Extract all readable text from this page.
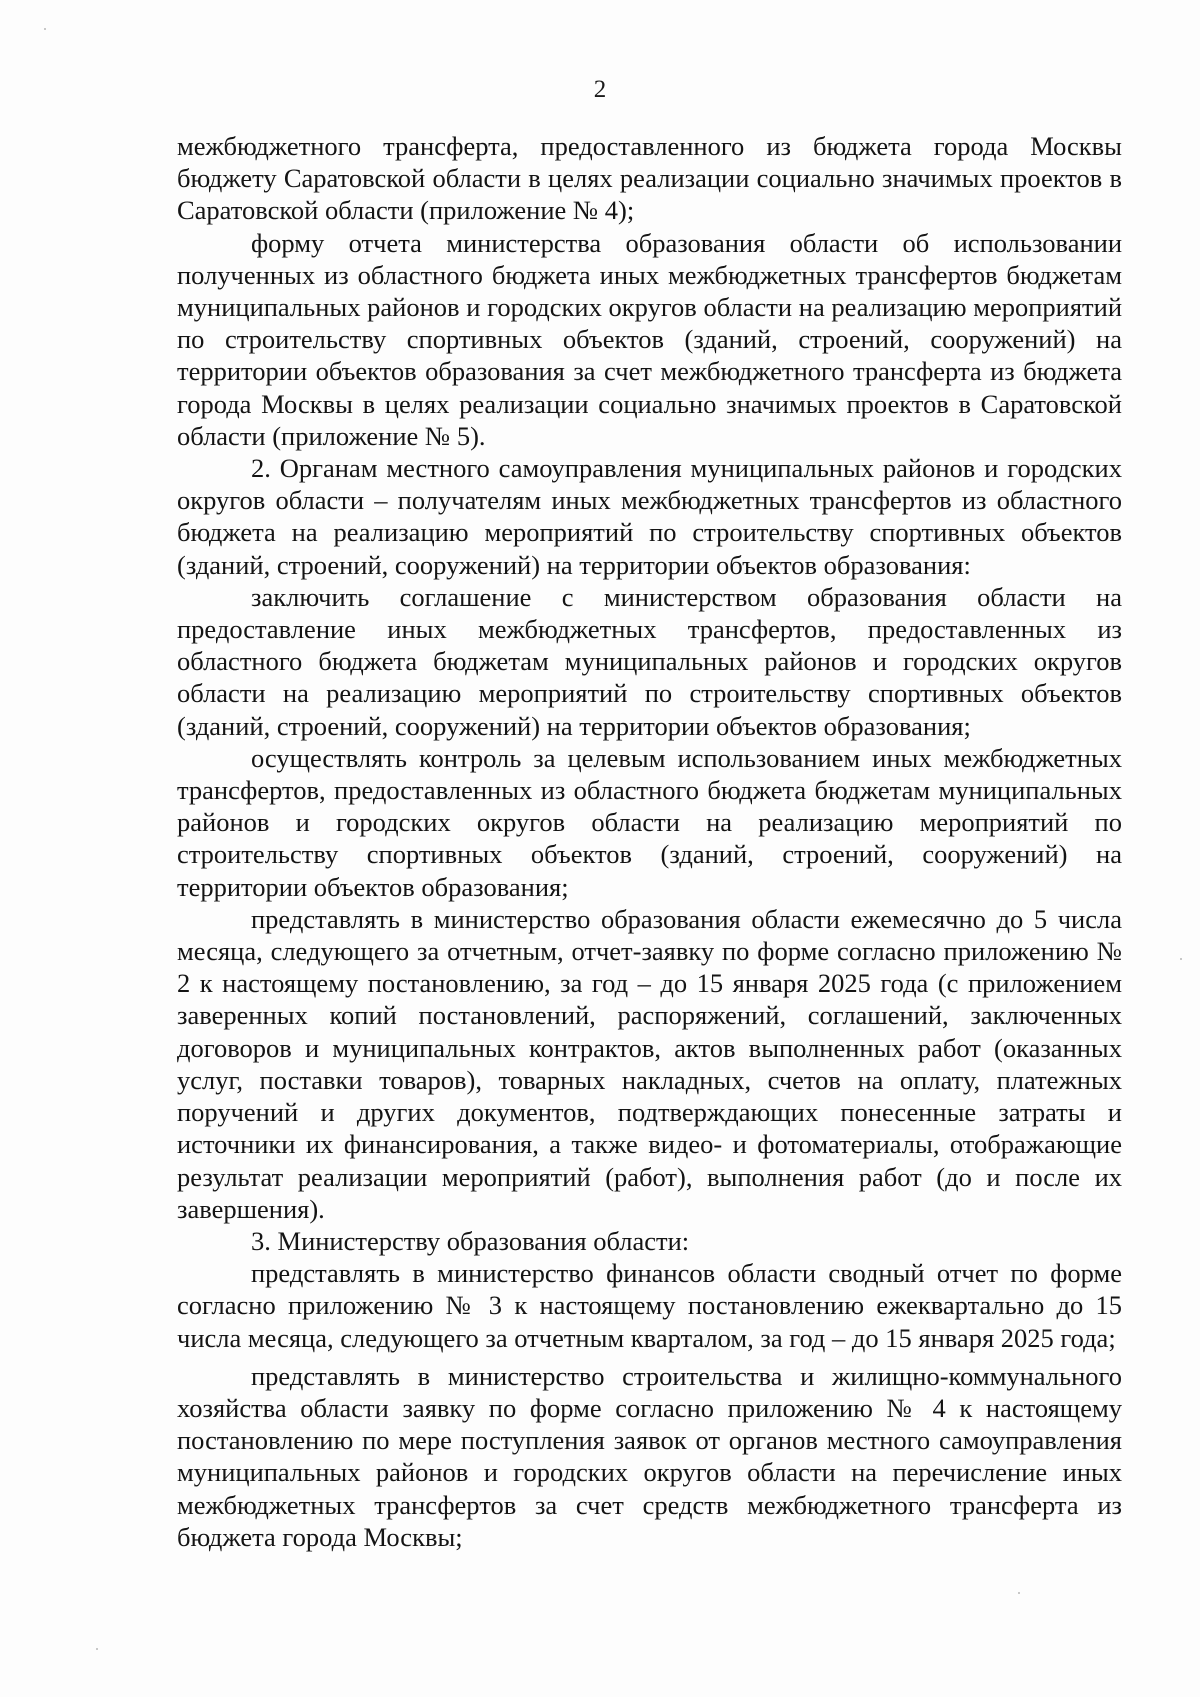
2

межбюджетного трансферта, предоставленного из бюджета города Москвы бюджету Саратовской области в целях реализации социально значимых проектов в Саратовской области (приложение № 4);

форму отчета министерства образования области об использовании полученных из областного бюджета иных межбюджетных трансфертов бюджетам муниципальных районов и городских округов области на реализацию мероприятий по строительству спортивных объектов (зданий, строений, сооружений) на территории объектов образования за счет межбюджетного трансферта из бюджета города Москвы в целях реализации социально значимых проектов в Саратовской области (приложение № 5).

2. Органам местного самоуправления муниципальных районов и городских округов области – получателям иных межбюджетных трансфертов из областного бюджета на реализацию мероприятий по строительству спортивных объектов (зданий, строений, сооружений) на территории объектов образования:

заключить соглашение с министерством образования области на предоставление иных межбюджетных трансфертов, предоставленных из областного бюджета бюджетам муниципальных районов и городских округов области на реализацию мероприятий по строительству спортивных объектов (зданий, строений, сооружений) на территории объектов образования;

осуществлять контроль за целевым использованием иных межбюджетных трансфертов, предоставленных из областного бюджета бюджетам муниципальных районов и городских округов области на реализацию мероприятий по строительству спортивных объектов (зданий, строений, сооружений) на территории объектов образования;

представлять в министерство образования области ежемесячно до 5 числа месяца, следующего за отчетным, отчет-заявку по форме согласно приложению № 2 к настоящему постановлению, за год – до 15 января 2025 года (с приложением заверенных копий постановлений, распоряжений, соглашений, заключенных договоров и муниципальных контрактов, актов выполненных работ (оказанных услуг, поставки товаров), товарных накладных, счетов на оплату, платежных поручений и других документов, подтверждающих понесенные затраты и источники их финансирования, а также видео- и фотоматериалы, отображающие результат реализации мероприятий (работ), выполнения работ (до и после их завершения).

3. Министерству образования области:

представлять в министерство финансов области сводный отчет по форме согласно приложению № 3 к настоящему постановлению ежеквартально до 15 числа месяца, следующего за отчетным кварталом, за год – до 15 января 2025 года;

представлять в министерство строительства и жилищно-коммунального хозяйства области заявку по форме согласно приложению № 4 к настоящему постановлению по мере поступления заявок от органов местного самоуправления муниципальных районов и городских округов области на перечисление иных межбюджетных трансфертов за счет средств межбюджетного трансферта из бюджета города Москвы;
